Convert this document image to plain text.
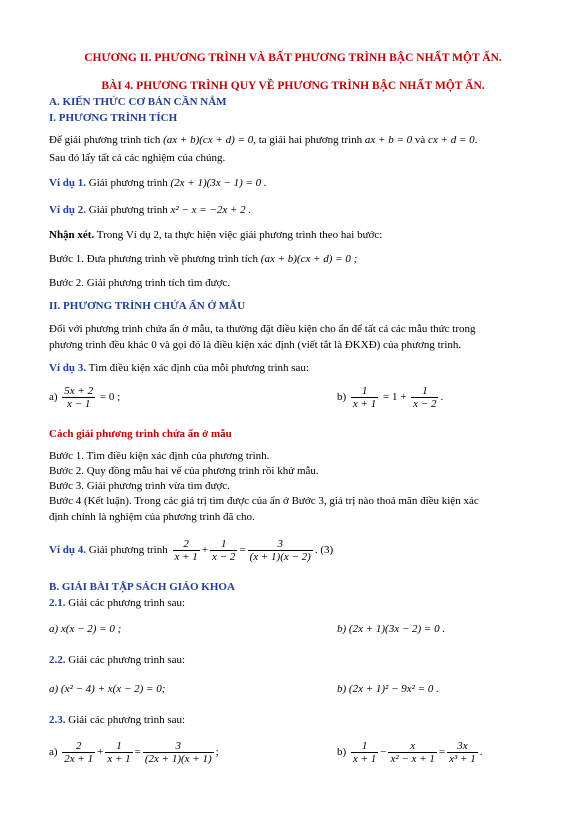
CHƯƠNG II. PHƯƠNG TRÌNH VÀ BẤT PHƯƠNG TRÌNH BẬC NHẤT MỘT ẨN.
BÀI 4. PHƯƠNG TRÌNH QUY VỀ PHƯƠNG TRÌNH BẬC NHẤT MỘT ẨN.
A. KIẾN THỨC CƠ BẢN CẦN NẮM
I. PHƯƠNG TRÌNH TÍCH
Để giải phương trình tích (ax + b)(cx + d) = 0, ta giải hai phương trình ax + b = 0 và cx + d = 0.
Sau đó lấy tất cả các nghiệm của chúng.
Ví dụ 1. Giải phương trình (2x + 1)(3x − 1) = 0 .
Ví dụ 2. Giải phương trình x² − x = −2x + 2 .
Nhận xét. Trong Ví dụ 2, ta thực hiện việc giải phương trình theo hai bước:
Bước 1. Đưa phương trình về phương trình tích (ax + b)(cx + d) = 0 ;
Bước 2. Giải phương trình tích tìm được.
II. PHƯƠNG TRÌNH CHỨA ẨN Ở MẪU
Đối với phương trình chứa ẩn ở mẫu, ta thường đặt điều kiện cho ẩn để tất cả các mẫu thức trong
phương trình đều khác 0 và gọi đó là điều kiện xác định (viết tắt là ĐKXĐ) của phương trình.
Ví dụ 3. Tìm điều kiện xác định của mỗi phương trình sau:
$a) \frac{5x + 2}{x - 1} = 0$ ;	$b) \frac{1}{x + 1} = 1 + \frac{1}{x - 2}$ .
Cách giải phương trình chứa ẩn ở mẫu
Bước 1. Tìm điều kiện xác định của phương trình.
Bước 2. Quy đồng mẫu hai vế của phương trình rồi khử mẫu.
Bước 3. Giải phương trình vừa tìm được.
Bước 4 (Kết luận). Trong các giá trị tìm được của ẩn ở Bước 3, giá trị nào thoả mãn điều kiện xác
định chính là nghiệm của phương trình đã cho.
Ví dụ 4. Giải phương trình $\frac{2}{x + 1} + \frac{1}{x - 2} = \frac{3}{(x + 1)(x - 2)}$ . (3)
B. GIẢI BÀI TẬP SÁCH GIÁO KHOA
2.1. Giải các phương trình sau:
a) x(x − 2) = 0 ;	b) (2x + 1)(3x − 2) = 0 .
2.2. Giải các phương trình sau:
a) (x² − 4) + x(x − 2) = 0;	b) (2x + 1)² − 9x² = 0 .
2.3. Giải các phương trình sau:
$a) \frac{2}{2x + 1} + \frac{1}{x + 1} = \frac{3}{(2x + 1)(x + 1)}$ ;	$b) \frac{1}{x + 1} - \frac{x}{\text{x² − x + 1}} = \frac{3x}{\text{x³ + 1}}$ .
